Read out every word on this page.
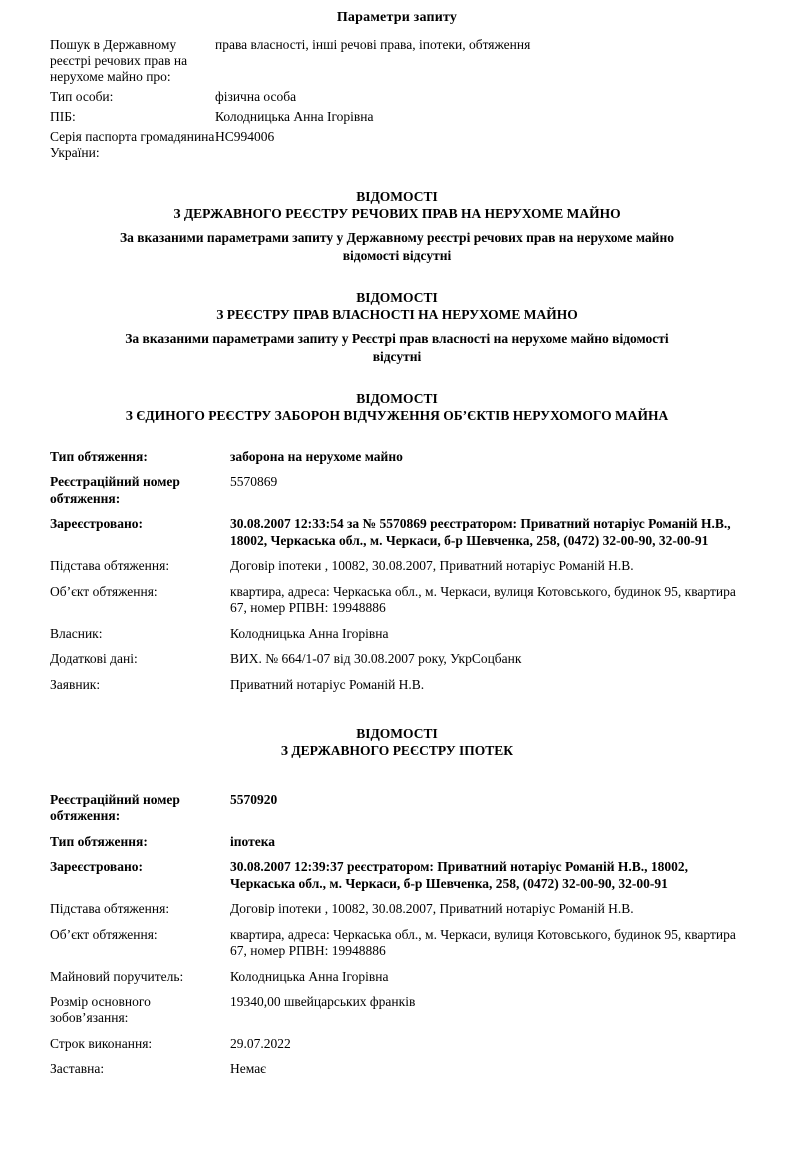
Параметри запиту
Пошук в Державному реєстрі речових прав на нерухоме майно про:	права власності, інші речові права, іпотеки, обтяження
Тип особи:	фізична особа
ПІБ:	Колодницька Анна Ігорівна
Серія паспорта громадянина України:	НС994006
ВІДОМОСТІ
З ДЕРЖАВНОГО РЕЄСТРУ РЕЧОВИХ ПРАВ НА НЕРУХОМЕ МАЙНО
За вказаними параметрами запиту у Державному реєстрі речових прав на нерухоме майно відомості відсутні
ВІДОМОСТІ
З РЕЄСТРУ ПРАВ ВЛАСНОСТІ НА НЕРУХОМЕ МАЙНО
За вказаними параметрами запиту у Реєстрі прав власності на нерухоме майно відомості відсутні
ВІДОМОСТІ
З ЄДИНОГО РЕЄСТРУ ЗАБОРОН ВІДЧУЖЕННЯ ОБ’ЄКТІВ НЕРУХОМОГО МАЙНА
Тип обтяження:	заборона на нерухоме майно
Реєстраційний номер обтяження:	5570869
Зареєстровано:	30.08.2007 12:33:54 за № 5570869 реєстратором: Приватний нотаріус Романій Н.В., 18002, Черкаська обл., м. Черкаси, б-р Шевченка, 258, (0472) 32-00-90, 32-00-91
Підстава обтяження:	Договір іпотеки , 10082, 30.08.2007, Приватний нотаріус Романій Н.В.
Об’єкт обтяження:	квартира, адреса: Черкаська обл., м. Черкаси, вулиця Котовського, будинок 95, квартира 67, номер РПВН: 19948886
Власник:	Колодницька Анна Ігорівна
Додаткові дані:	ВИХ. № 664/1-07 від 30.08.2007 року, УкрСоцбанк
Заявник:	Приватний нотаріус Романій Н.В.
ВІДОМОСТІ
З ДЕРЖАВНОГО РЕЄСТРУ ІПОТЕК
Реєстраційний номер обтяження:	5570920
Тип обтяження:	іпотека
Зареєстровано:	30.08.2007 12:39:37 реєстратором: Приватний нотаріус Романій Н.В., 18002, Черкаська обл., м. Черкаси, б-р Шевченка, 258, (0472) 32-00-90, 32-00-91
Підстава обтяження:	Договір іпотеки , 10082, 30.08.2007, Приватний нотаріус Романій Н.В.
Об’єкт обтяження:	квартира, адреса: Черкаська обл., м. Черкаси, вулиця Котовського, будинок 95, квартира 67, номер РПВН: 19948886
Майновий поручитель:	Колодницька Анна Ігорівна
Розмір основного зобов’язання:	19340,00 швейцарських франків
Строк виконання:	29.07.2022
Заставна:	Немає
